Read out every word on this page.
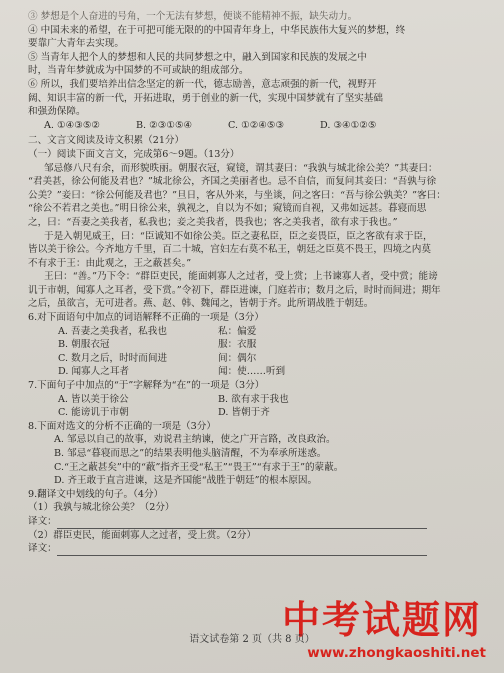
③ 梦想是个人奋进的号角，一个无法有梦想，便谈不能精神不振，缺失动力。
④ 中国未来的希望，在于可把可能无限的的中国青年身上，中华民族伟大复兴的梦想，终
要靠广大青年去实现。
⑤ 当青年人把个人的梦想和人民的共同梦想之中，融入到国家和民族的发展之中
时，当青年梦就成为中国梦的不可或缺的组成部分。
⑥ 所以，我们要培养出信念坚定的新一代，德志励善，意志顽强的新一代，视野开
阔、知识丰富的新一代，开拓进取，勇于创业的新一代，实现中国梦就有了坚实基础
和强劲保障。
A. ①④③⑤②	B. ②③①⑤④	C. ①②④⑤③	D. ③④①②⑤
二、文言文阅读及诗文积累（21分）
（一）阅读下面文言文，完成第6～9题。（13分）
邹忌修八尺有余，而形貌昳丽。朝服衣冠，窥镜，谓其妻曰：“我孰与城北徐公美？”其妻曰：
“君美甚，徐公何能及君也？”城北徐公，齐国之美丽者也。忌不自信，而复问其妾曰：“吾孰与徐
公美？”妾曰：“徐公何能及君也？”旦日，客从外来，与坐谈，问之客曰：“吾与徐公孰美？”客曰：
“徐公不若君之美也。”明日徐公来，孰视之，自以为不如；窥镜而自视，又弗如远甚。暮寝而思
之，曰：“吾妻之美我者，私我也；妾之美我者，畏我也；客之美我者，欲有求于我也。”
于是入朝见威王，曰：“臣诚知不如徐公美。臣之妻私臣，臣之妾畏臣，臣之客欲有求于臣，
皆以美于徐公。今齐地方千里，百二十城，宫妇左右莫不私王，朝廷之臣莫不畏王，四境之内莫
不有求于王：由此观之，王之蔽甚矣。”
王曰：“善。”乃下令：“群臣吏民，能面刺寡人之过者，受上赏；上书谏寡人者，受中赏；能谤
讥于市朝，闻寡人之耳者，受下赏。”令初下，群臣进谏，门庭若市；数月之后，时时而间进；期年
之后，虽欲言，无可进者。燕、赵、韩、魏闻之，皆朝于齐。此所谓战胜于朝廷。
6.对下面语句中加点的词语解释不正确的一项是（3分）
A. 吾妻之美我者，私我也	私：偏爱
B. 朝服衣冠	服：衣服
C. 数月之后，时时而间进	间：偶尔
D. 闻寡人之耳者	闻：使……听到
7.下面句子中加点的“于”字解释为“在”的一项是（3分）
A. 皆以美于徐公	B. 欲有求于我也
C. 能谤讥于市朝	D. 皆朝于齐
8.下面对选文的分析不正确的一项是（3分）
A. 邹忌以自己的故事，劝说君主纳谏，使之广开言路，改良政治。
B. 邹忌“暮寝而思之”的结果表明他头脑清醒，不为奉承所迷惑。
C.“王之蔽甚矣”中的“蔽”指齐王受“私王”“畏王”“有求于王”的蒙蔽。
D. 齐王敢于直言进谏，这是齐国能“战胜于朝廷”的根本原因。
9.翻译文中划线的句子。（4分）
（1）我孰与城北徐公美？（2分）
译文：
（2）群臣吏民，能面刺寡人之过者，受上赏。（2分）
译文：
中考试题网
语文试卷第 2 页（共 8 页）
www.zhongkaoshiti.net
